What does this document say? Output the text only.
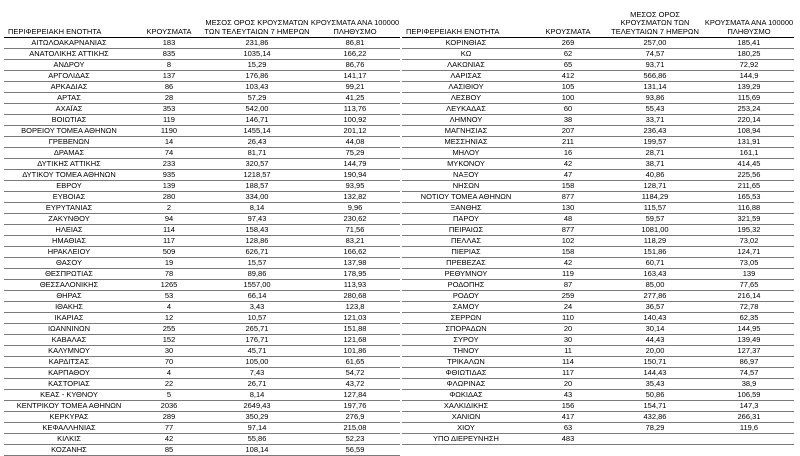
ΠΕΡΙΦΕΡΕΙΑΚΗ ΕΝΟΤΗΤΑ	ΚΡΟΥΣΜΑΤΑ	ΜΕΣΟΣ ΟΡΟΣ ΚΡΟΥΣΜΑΤΩΝ ΤΩΝ ΤΕΛΕΥΤΑΙΩΝ 7 ΗΜΕΡΩΝ	ΚΡΟΥΣΜΑΤΑ ΑΝΑ 100000 ΠΛΗΘΥΣΜΟ
ΑΙΤΩΛΟΑΚΑΡΝΑΝΙΑΣ	183	231,86	86,81
ΑΝΑΤΟΛΙΚΗΣ ΑΤΤΙΚΗΣ	835	1035,14	166,22
ΑΝΔΡΟΥ	8	15,29	86,76
ΑΡΓΟΛΙΔΑΣ	137	176,86	141,17
ΑΡΚΑΔΙΑΣ	86	103,43	99,21
ΑΡΤΑΣ	28	57,29	41,25
ΑΧΑΪΑΣ	353	542,00	113,76
ΒΟΙΩΤΙΑΣ	119	146,71	100,92
ΒΟΡΕΙΟΥ ΤΟΜΕΑ ΑΘΗΝΩΝ	1190	1455,14	201,12
ΓΡΕΒΕΝΩΝ	14	26,43	44,08
ΔΡΑΜΑΣ	74	81,71	75,29
ΔΥΤΙΚΗΣ ΑΤΤΙΚΗΣ	233	320,57	144,79
ΔΥΤΙΚΟΥ ΤΟΜΕΑ ΑΘΗΝΩΝ	935	1218,57	190,94
ΕΒΡΟΥ	139	188,57	93,95
ΕΥΒΟΙΑΣ	280	334,00	132,82
ΕΥΡΥΤΑΝΙΑΣ	2	8,14	9,96
ΖΑΚΥΝΘΟΥ	94	97,43	230,62
ΗΛΕΙΑΣ	114	158,43	71,56
ΗΜΑΘΙΑΣ	117	128,86	83,21
ΗΡΑΚΛΕΙΟΥ	509	626,71	166,62
ΘΑΣΟΥ	19	15,57	137,98
ΘΕΣΠΡΩΤΙΑΣ	78	89,86	178,95
ΘΕΣΣΑΛΟΝΙΚΗΣ	1265	1557,00	113,93
ΘΗΡΑΣ	53	66,14	280,68
ΙΘΑΚΗΣ	4	3,43	123,8
ΙΚΑΡΙΑΣ	12	10,57	121,03
ΙΩΑΝΝΙΝΩΝ	255	265,71	151,88
ΚΑΒΑΛΑΣ	152	176,71	121,68
ΚΑΛΥΜΝΟΥ	30	45,71	101,86
ΚΑΡΔΙΤΣΑΣ	70	105,00	61,65
ΚΑΡΠΑΘΟΥ	4	7,43	54,72
ΚΑΣΤΟΡΙΑΣ	22	26,71	43,72
ΚΕΑΣ - ΚΥΘΝΟΥ	5	8,14	127,84
ΚΕΝΤΡΙΚΟΥ ΤΟΜΕΑ ΑΘΗΝΩΝ	2036	2649,43	197,76
ΚΕΡΚΥΡΑΣ	289	350,29	276,9
ΚΕΦΑΛΛΗΝΙΑΣ	77	97,14	215,08
ΚΙΛΚΙΣ	42	55,86	52,23
ΚΟΖΑΝΗΣ	85	108,14	56,59
ΠΕΡΙΦΕΡΕΙΑΚΗ ΕΝΟΤΗΤΑ	ΚΡΟΥΣΜΑΤΑ	ΜΕΣΟΣ ΟΡΟΣ ΚΡΟΥΣΜΑΤΩΝ ΤΩΝ ΤΕΛΕΥΤΑΙΩΝ 7 ΗΜΕΡΩΝ	ΚΡΟΥΣΜΑΤΑ ΑΝΑ 100000 ΠΛΗΘΥΣΜΟ
ΚΟΡΙΝΘΙΑΣ	269	257,00	185,41
ΚΩ	62	74,57	180,25
ΛΑΚΩΝΙΑΣ	65	93,71	72,92
ΛΑΡΙΣΑΣ	412	566,86	144,9
ΛΑΣΙΘΙΟΥ	105	131,14	139,29
ΛΕΣΒΟΥ	100	93,86	115,69
ΛΕΥΚΑΔΑΣ	60	55,43	253,24
ΛΗΜΝΟΥ	38	33,71	220,14
ΜΑΓΝΗΣΙΑΣ	207	236,43	108,94
ΜΕΣΣΗΝΙΑΣ	211	199,57	131,91
ΜΗΛΟΥ	16	28,71	161,1
ΜΥΚΟΝΟΥ	42	38,71	414,45
ΝΑΞΟΥ	47	40,86	225,56
ΝΗΣΩΝ	158	128,71	211,65
ΝΟΤΙΟΥ ΤΟΜΕΑ ΑΘΗΝΩΝ	877	1184,29	165,53
ΞΑΝΘΗΣ	130	115,57	116,88
ΠΑΡΟΥ	48	59,57	321,59
ΠΕΙΡΑΙΩΣ	877	1081,00	195,32
ΠΕΛΛΑΣ	102	118,29	73,02
ΠΙΕΡΙΑΣ	158	151,86	124,71
ΠΡΕΒΕΖΑΣ	42	60,71	73,05
ΡΕΘΥΜΝΟΥ	119	163,43	139
ΡΟΔΟΠΗΣ	87	85,00	77,65
ΡΟΔΟΥ	259	277,86	216,14
ΣΑΜΟΥ	24	36,57	72,78
ΣΕΡΡΩΝ	110	140,43	62,35
ΣΠΟΡΑΔΩΝ	20	30,14	144,95
ΣΥΡΟΥ	30	44,43	139,49
ΤΗΝΟΥ	11	20,00	127,37
ΤΡΙΚΑΛΩΝ	114	150,71	86,97
ΦΘΙΩΤΙΔΑΣ	117	144,43	74,57
ΦΛΩΡΙΝΑΣ	20	35,43	38,9
ΦΩΚΙΔΑΣ	43	50,86	106,59
ΧΑΛΚΙΔΙΚΗΣ	156	154,71	147,3
ΧΑΝΙΩΝ	417	432,86	266,31
ΧΙΟΥ	63	78,29	119,6
ΥΠΟ ΔΙΕΡΕΥΝΗΣΗ	483		
